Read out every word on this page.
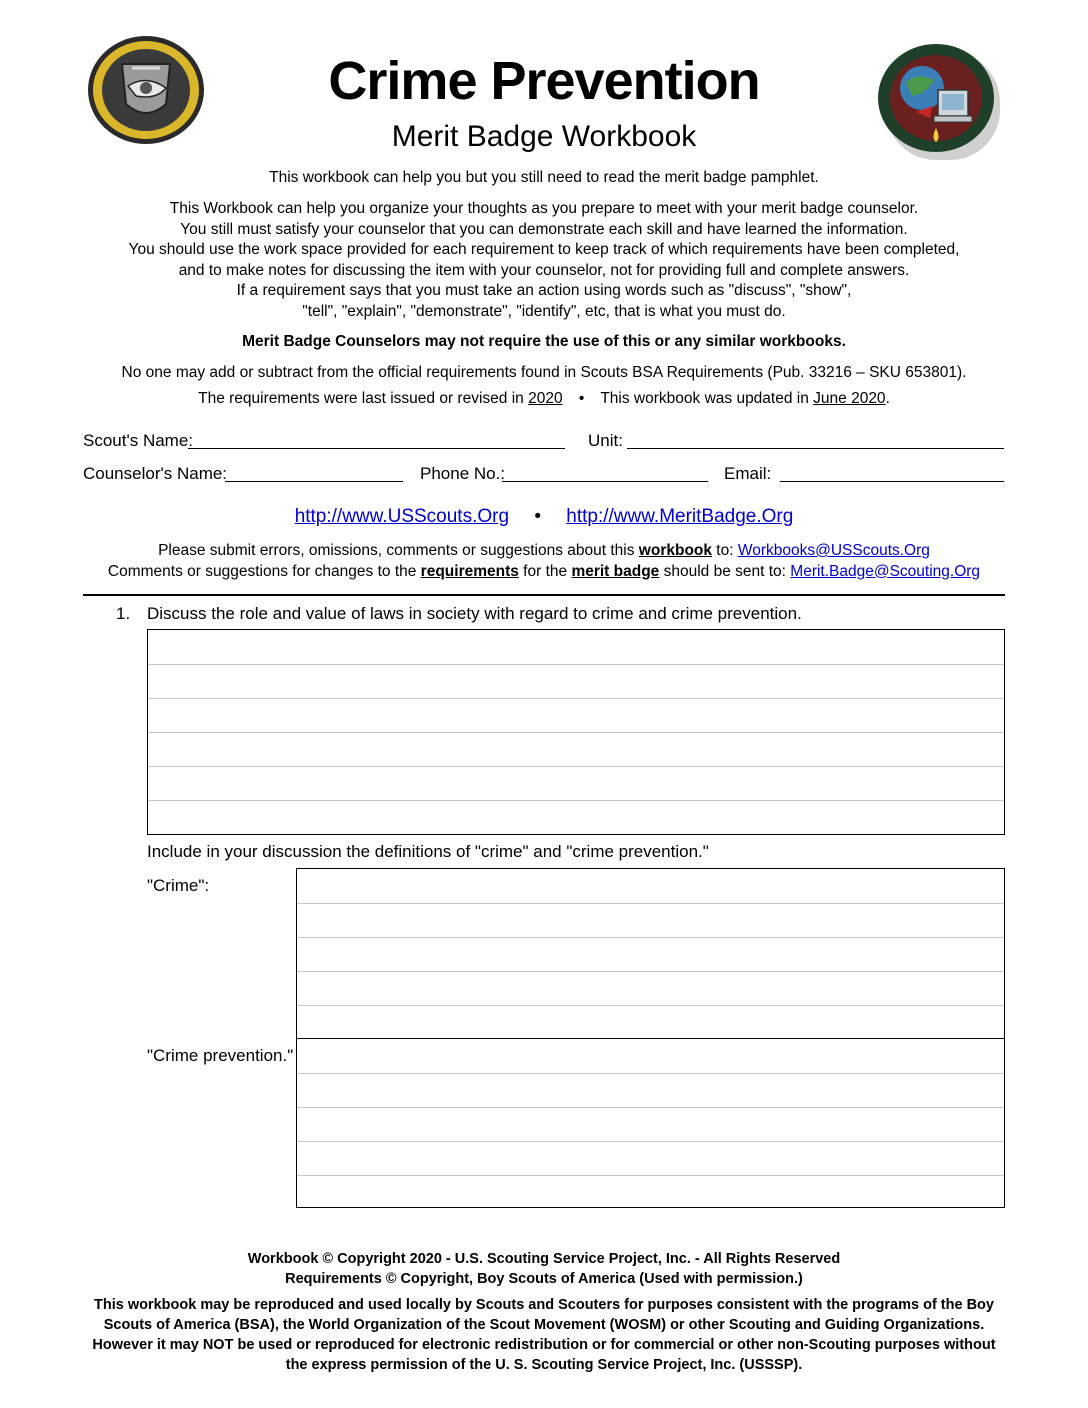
Crime Prevention
Merit Badge Workbook
This workbook can help you but you still need to read the merit badge pamphlet.
This Workbook can help you organize your thoughts as you prepare to meet with your merit badge counselor.
You still must satisfy your counselor that you can demonstrate each skill and have learned the information.
You should use the work space provided for each requirement to keep track of which requirements have been completed,
and to make notes for discussing the item with your counselor, not for providing full and complete answers.
If a requirement says that you must take an action using words such as "discuss", "show",
"tell", "explain", "demonstrate", "identify", etc, that is what you must do.
Merit Badge Counselors may not require the use of this or any similar workbooks.
No one may add or subtract from the official requirements found in Scouts BSA Requirements (Pub. 33216 – SKU 653801).
The requirements were last issued or revised in 2020 • This workbook was updated in June 2020.
Scout's Name:	Unit:
Counselor's Name:	Phone No.:	Email:
http://www.USScouts.Org • http://www.MeritBadge.Org
Please submit errors, omissions, comments or suggestions about this workbook to: Workbooks@USScouts.Org
Comments or suggestions for changes to the requirements for the merit badge should be sent to: Merit.Badge@Scouting.Org
1. Discuss the role and value of laws in society with regard to crime and crime prevention.
Include in your discussion the definitions of "crime" and "crime prevention."
"Crime":
"Crime prevention."
Workbook © Copyright 2020 - U.S. Scouting Service Project, Inc. - All Rights Reserved
Requirements © Copyright, Boy Scouts of America (Used with permission.)
This workbook may be reproduced and used locally by Scouts and Scouters for purposes consistent with the programs of the Boy
Scouts of America (BSA), the World Organization of the Scout Movement (WOSM) or other Scouting and Guiding Organizations.
However it may NOT be used or reproduced for electronic redistribution or for commercial or other non-Scouting purposes without
the express permission of the U. S. Scouting Service Project, Inc. (USSSP).
